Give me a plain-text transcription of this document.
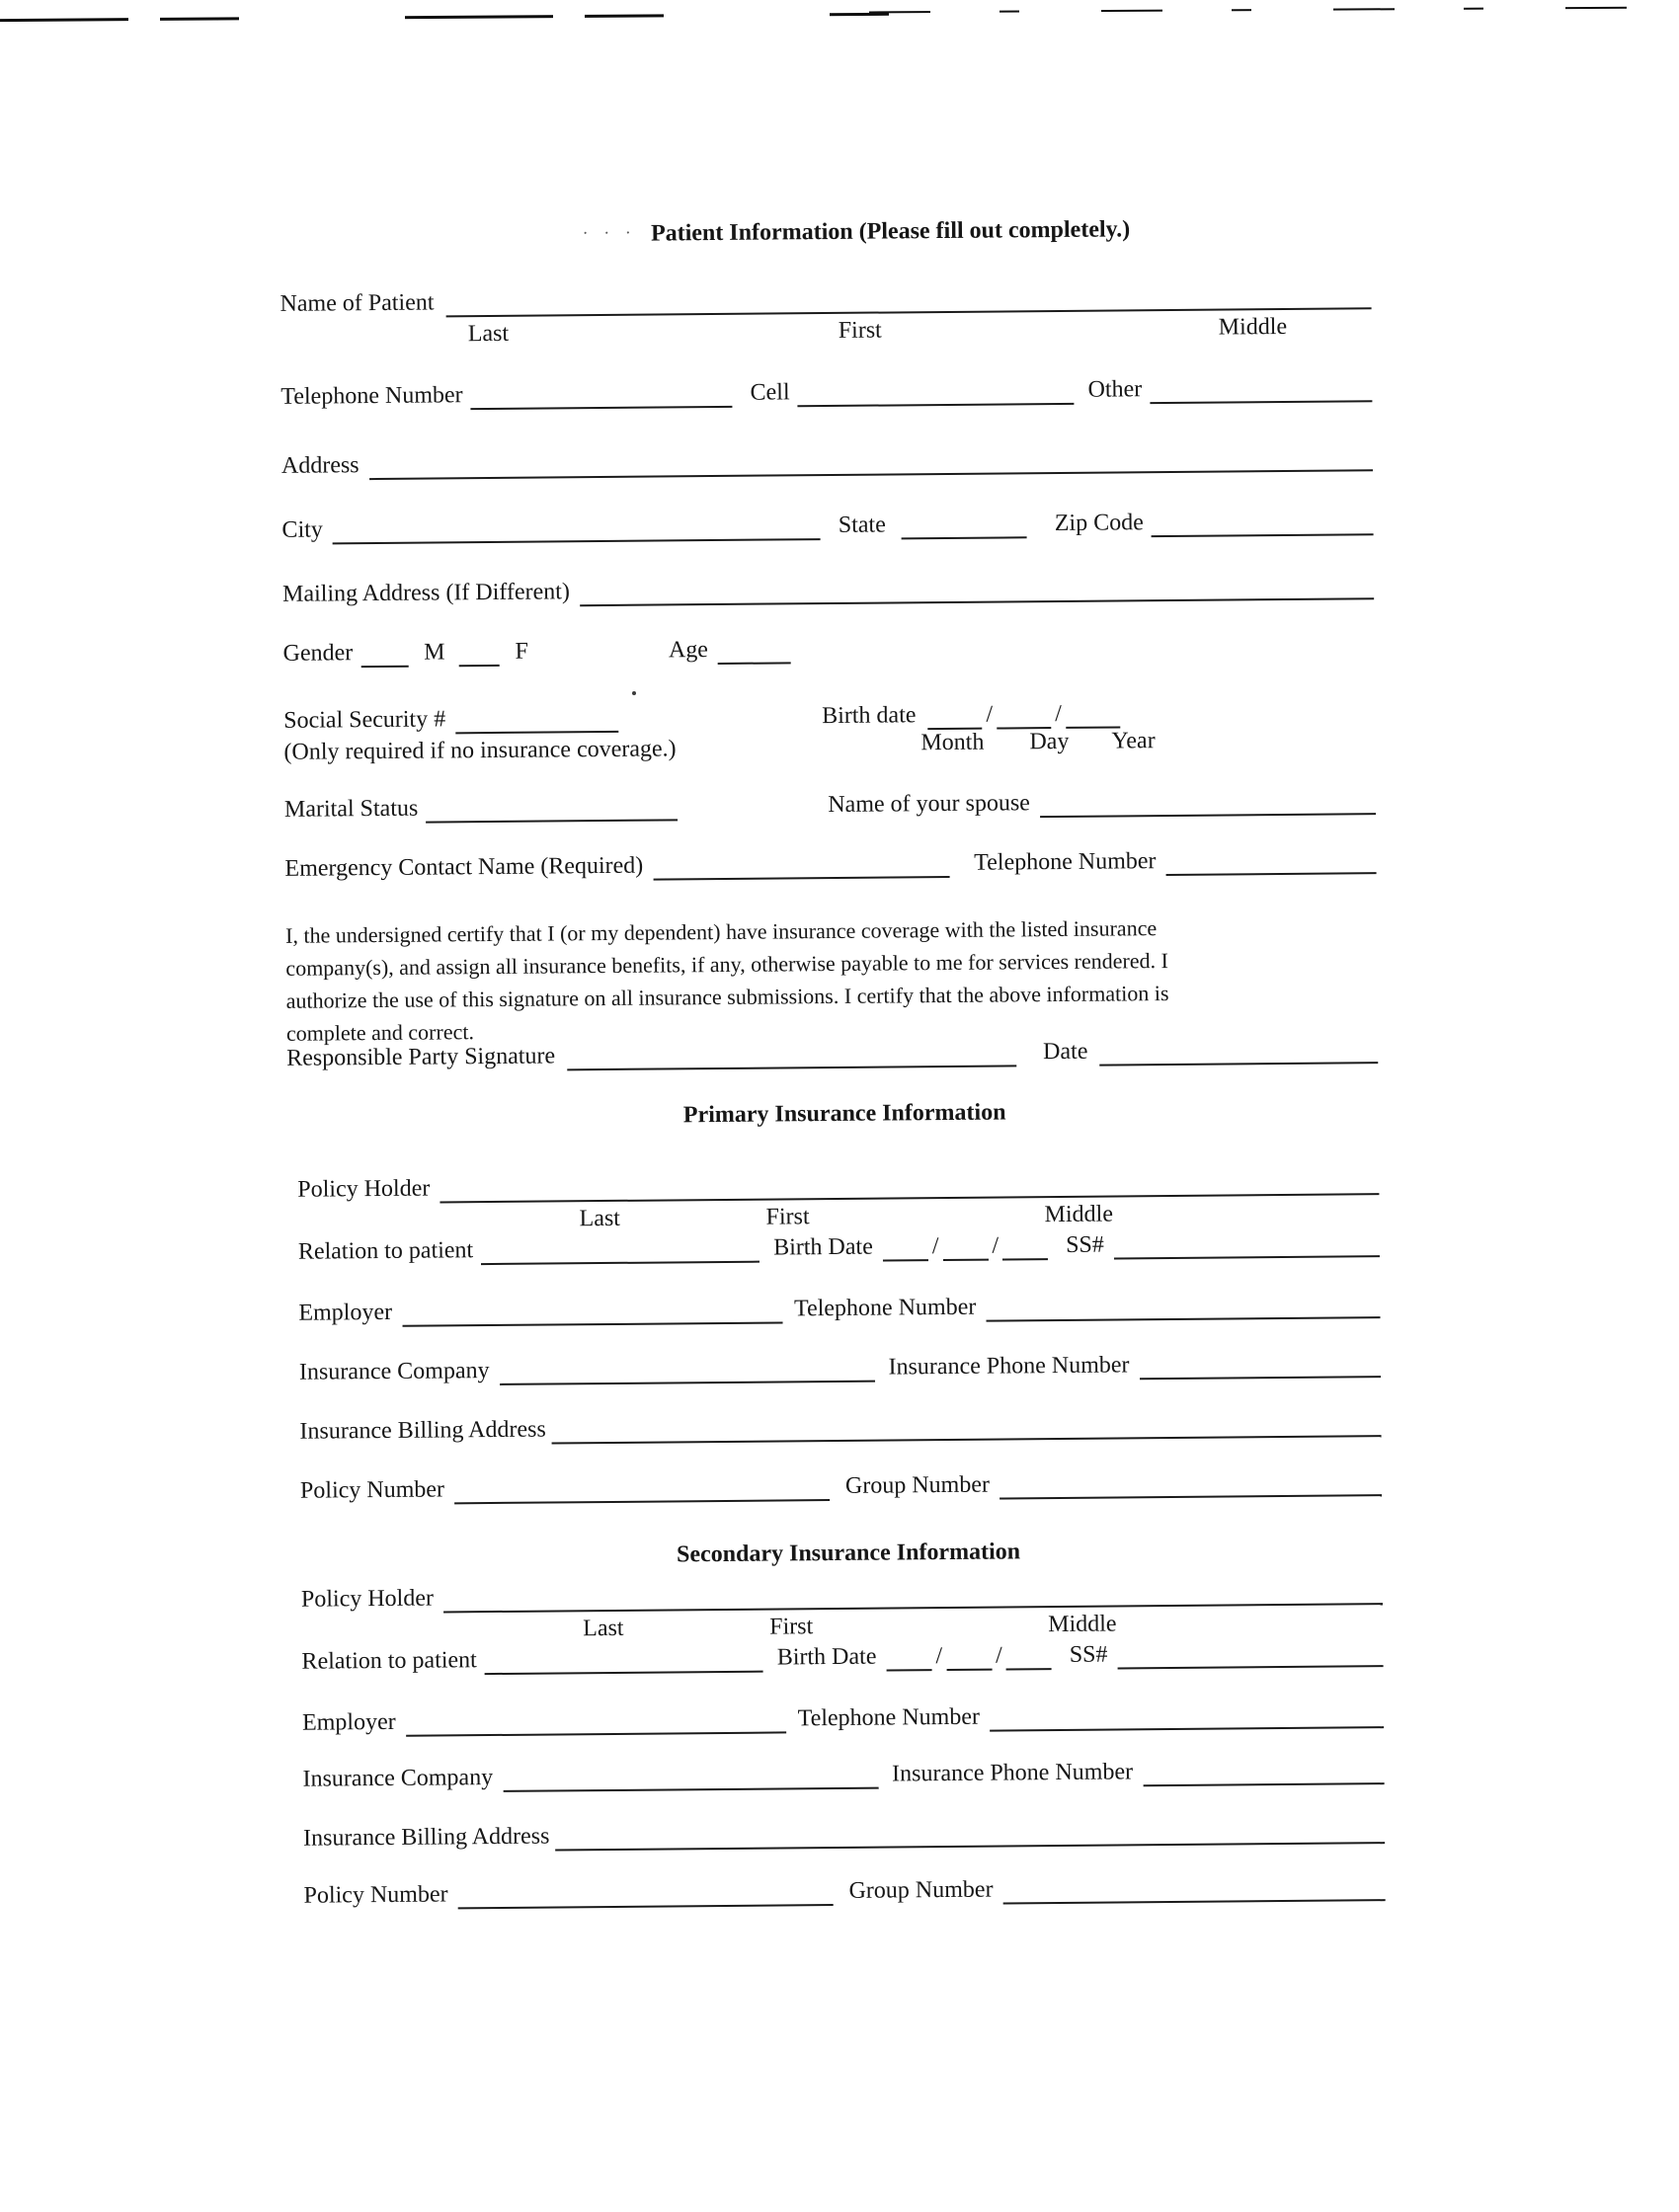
· · · Patient Information (Please fill out completely.)
Name of Patient
Last	First	Middle
Telephone Number	Cell	Other
Address
City	State	Zip Code
Mailing Address (If Different)
Gender	M	F	Age
Social Security #
(Only required if no insurance coverage.)
Birth date	/	/
Month Day Year
Marital Status	Name of your spouse
Emergency Contact Name (Required)	Telephone Number
I, the undersigned certify that I (or my dependent) have insurance coverage with the listed insurance
company(s), and assign all insurance benefits, if any, otherwise payable to me for services rendered. I
authorize the use of this signature on all insurance submissions. I certify that the above information is
complete and correct.
Responsible Party Signature	Date
Primary Insurance Information
Policy Holder
Last	First	Middle
Relation to patient	Birth Date / /	SS#
Employer	Telephone Number
Insurance Company	Insurance Phone Number
Insurance Billing Address
Policy Number	Group Number
Secondary Insurance Information
Policy Holder
Last	First	Middle
Relation to patient	Birth Date / /	SS#
Employer	Telephone Number
Insurance Company	Insurance Phone Number
Insurance Billing Address
Policy Number	Group Number
